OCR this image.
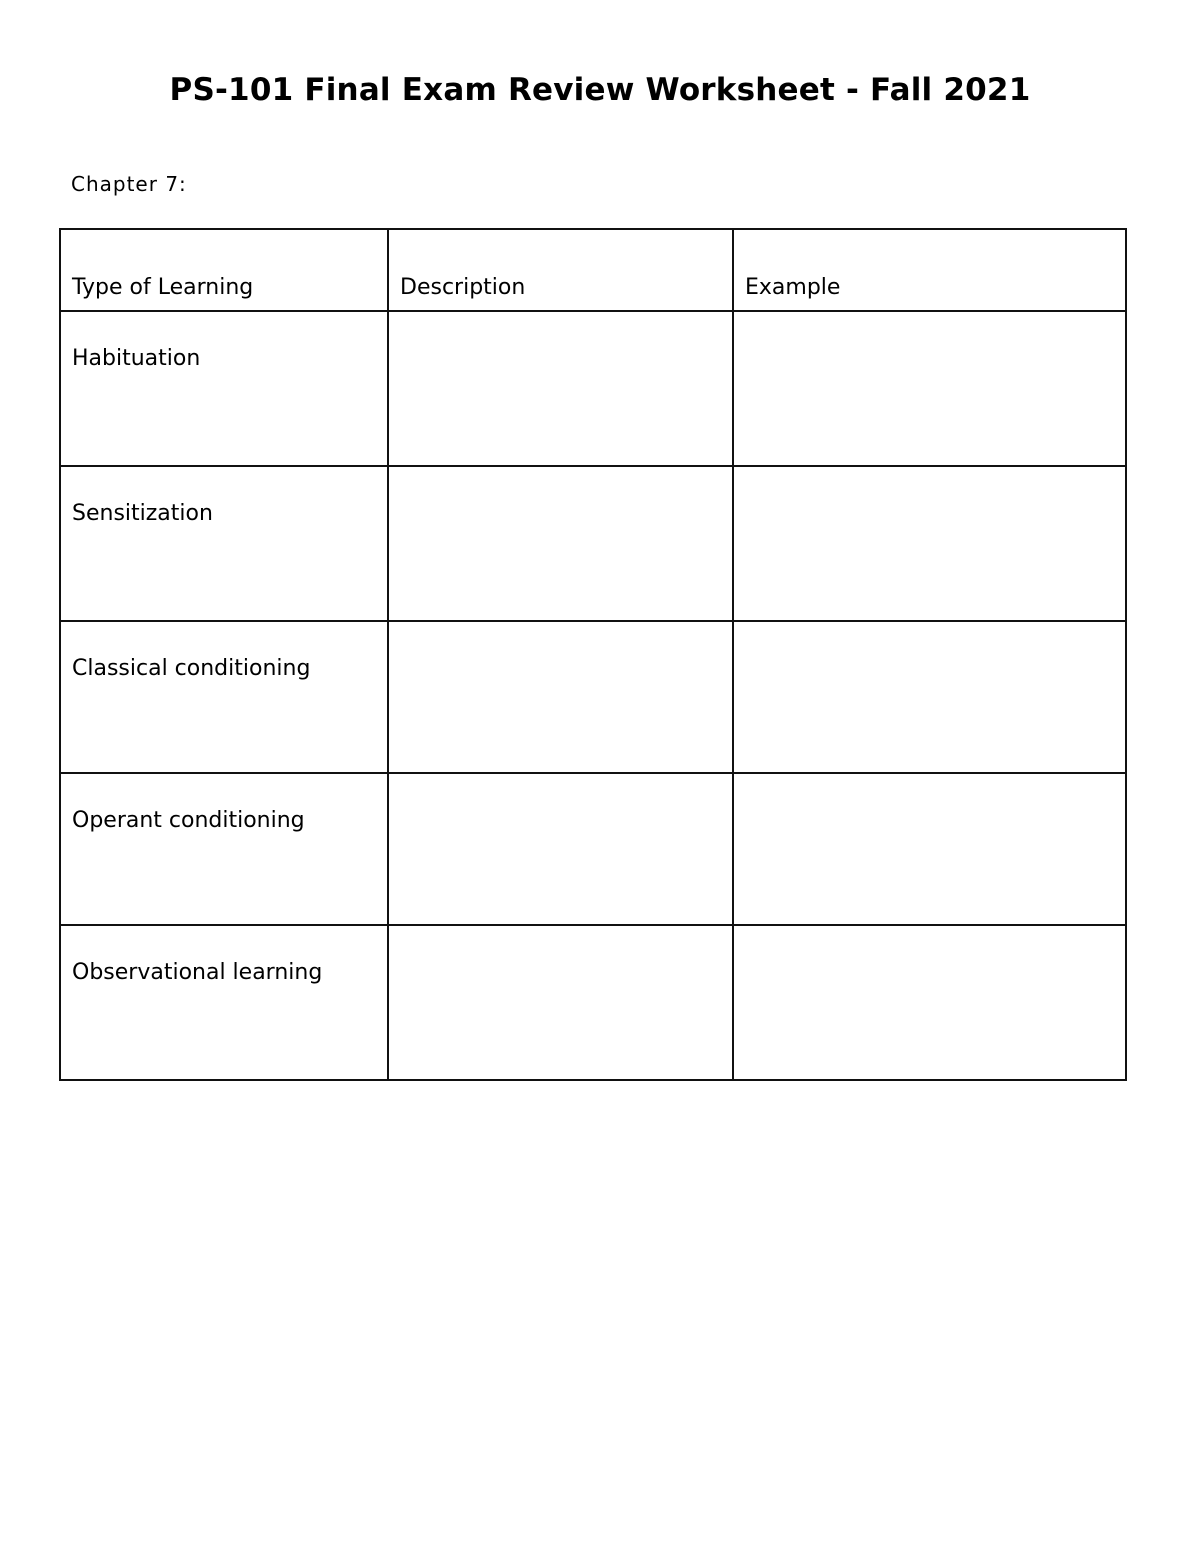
PS-101 Final Exam Review Worksheet - Fall 2021
Chapter 7:
Type of Learning	Description	Example
Habituation		
Sensitization		
Classical conditioning		
Operant conditioning		
Observational learning		
